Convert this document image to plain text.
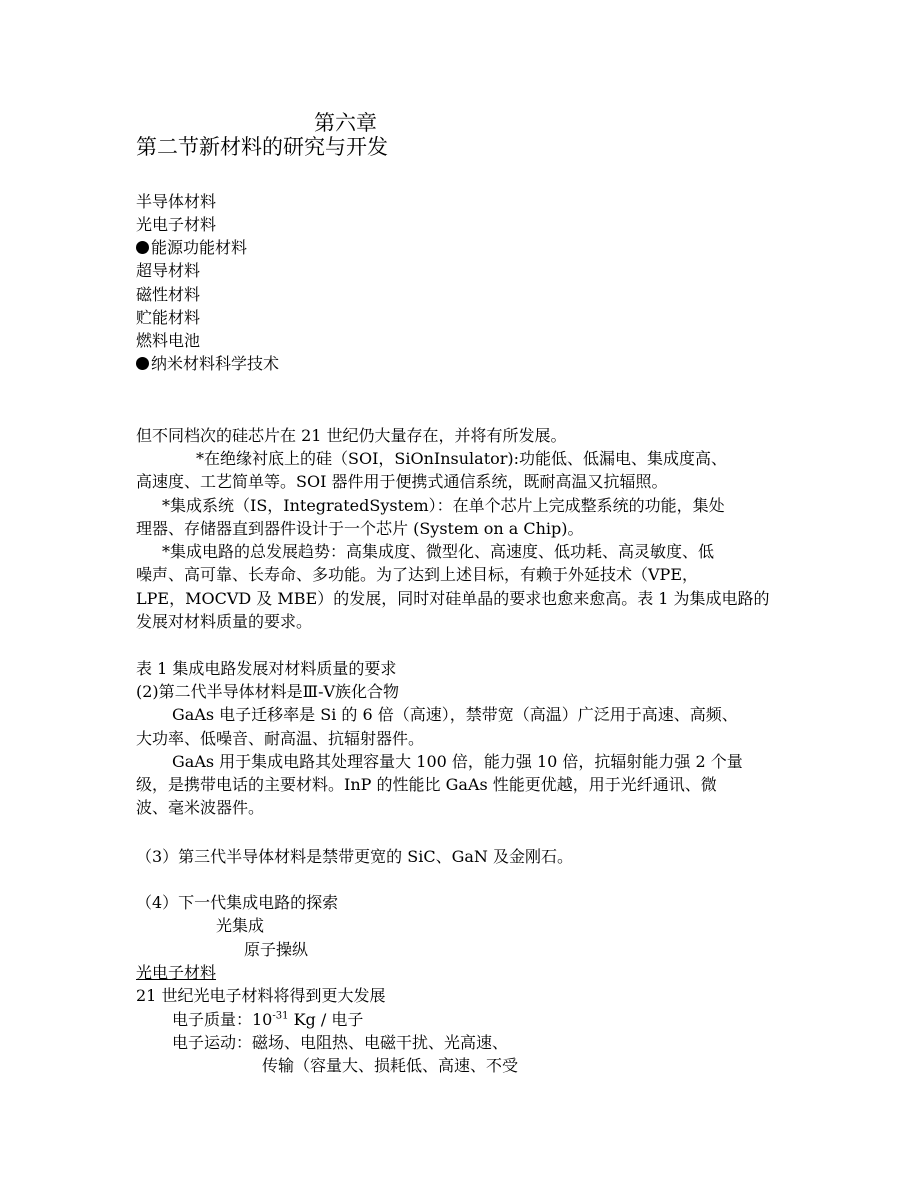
第六章
第二节新材料的研究与开发
半导体材料
光电子材料
能源功能材料
超导材料
磁性材料
贮能材料
燃料电池
纳米材料科学技术
但不同档次的硅芯片在 21 世纪仍大量存在，并将有所发展。
*在绝缘衬底上的硅（SOI，SiOnInsulator):功能低、低漏电、集成度高、
高速度、工艺简单等。SOI 器件用于便携式通信系统，既耐高温又抗辐照。
*集成系统（IS，IntegratedSystem）：在单个芯片上完成整系统的功能，集处
理器、存储器直到器件设计于一个芯片 (System on a Chip)。
*集成电路的总发展趋势：高集成度、微型化、高速度、低功耗、高灵敏度、低
噪声、高可靠、长寿命、多功能。为了达到上述目标，有赖于外延技术（VPE，
LPE，MOCVD 及 MBE）的发展，同时对硅单晶的要求也愈来愈高。表 1 为集成电路的
发展对材料质量的要求。
表 1 集成电路发展对材料质量的要求
(2)第二代半导体材料是Ⅲ-Ⅴ族化合物
GaAs 电子迁移率是 Si 的 6 倍（高速），禁带宽（高温）广泛用于高速、高频、
大功率、低噪音、耐高温、抗辐射器件。
GaAs 用于集成电路其处理容量大 100 倍，能力强 10 倍，抗辐射能力强 2 个量
级，是携带电话的主要材料。InP 的性能比 GaAs 性能更优越，用于光纤通讯、微
波、毫米波器件。
（3）第三代半导体材料是禁带更宽的 SiC、GaN 及金刚石。
（4）下一代集成电路的探索
光集成
原子操纵
光电子材料
21 世纪光电子材料将得到更大发展
电子质量：$10^{-31}$ Kg / 电子
电子运动：磁场、电阻热、电磁干扰、光高速、
传输（容量大、损耗低、高速、不受
